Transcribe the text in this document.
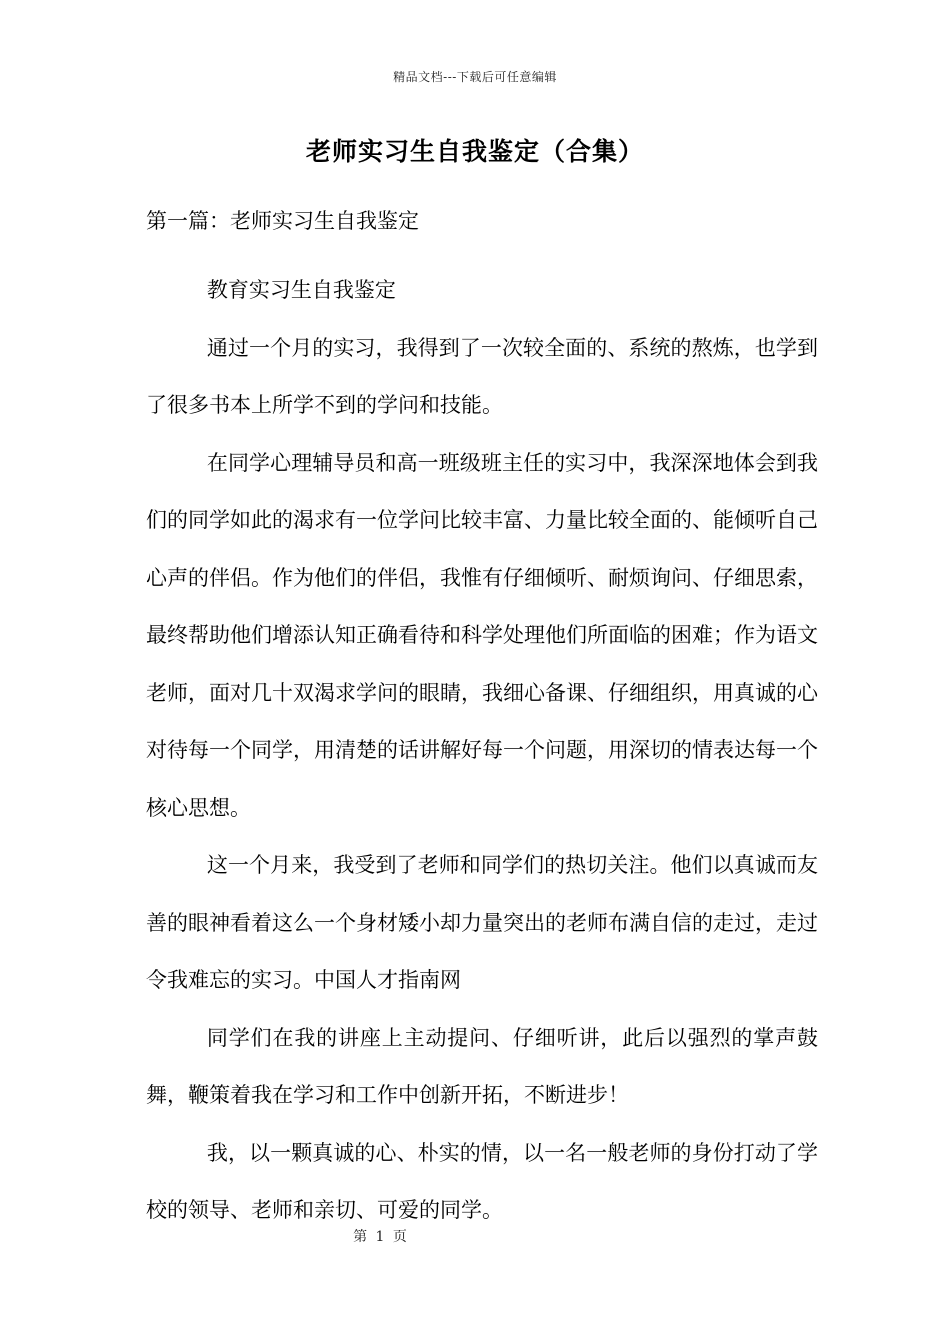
精品文档---下载后可任意编辑
老师实习生自我鉴定（合集）
第一篇：老师实习生自我鉴定

教育实习生自我鉴定

通过一个月的实习，我得到了一次较全面的、系统的熬炼，也学到了很多书本上所学不到的学问和技能。

在同学心理辅导员和高一班级班主任的实习中，我深深地体会到我们的同学如此的渴求有一位学问比较丰富、力量比较全面的、能倾听自己心声的伴侣。作为他们的伴侣，我惟有仔细倾听、耐烦询问、仔细思索，最终帮助他们增添认知正确看待和科学处理他们所面临的困难；作为语文老师，面对几十双渴求学问的眼睛，我细心备课、仔细组织，用真诚的心对待每一个同学，用清楚的话讲解好每一个问题，用深切的情表达每一个核心思想。

这一个月来，我受到了老师和同学们的热切关注。他们以真诚而友善的眼神看着这么一个身材矮小却力量突出的老师布满自信的走过，走过令我难忘的实习。中国人才指南网

同学们在我的讲座上主动提问、仔细听讲，此后以强烈的掌声鼓舞，鞭策着我在学习和工作中创新开拓，不断进步！

我，以一颗真诚的心、朴实的情，以一名一般老师的身份打动了学校的领导、老师和亲切、可爱的同学。

第 1 页
